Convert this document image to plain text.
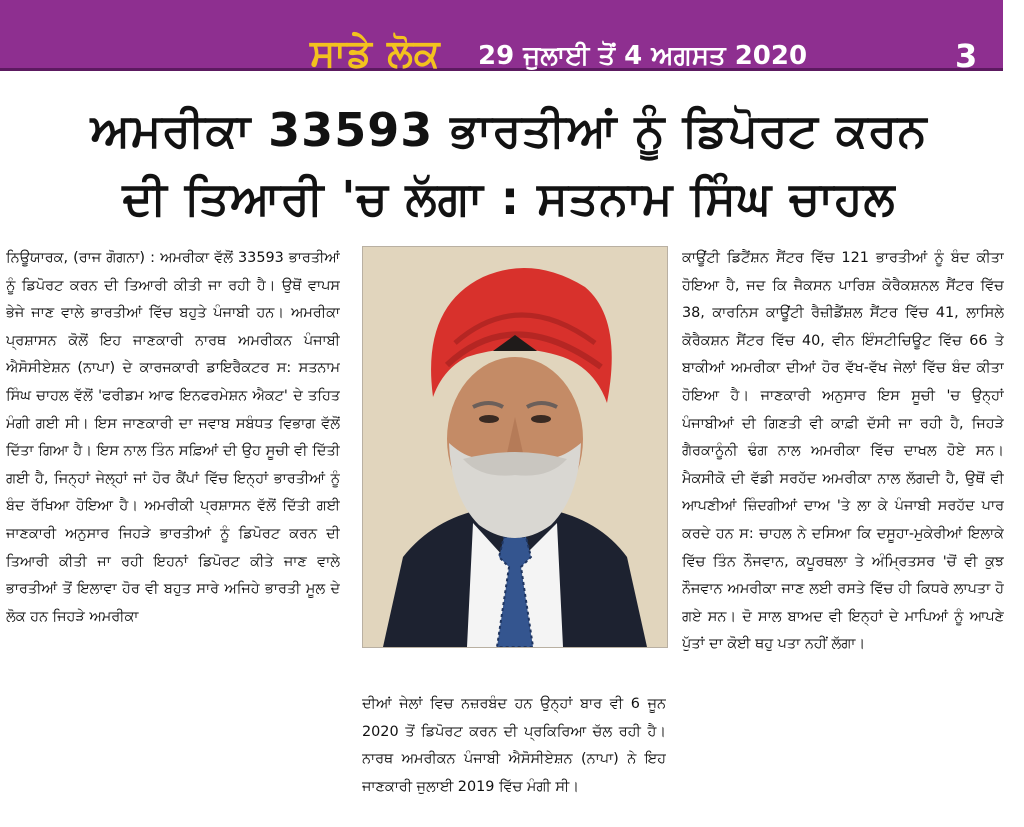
ਸਾਡੇ ਲੋਕ 29 ਜੁਲਾਈ ਤੋਂ 4 ਅਗਸਤ 2020	3
ਅਮਰੀਕਾ 33593 ਭਾਰਤੀਆਂ ਨੂੰ ਡਿਪੋਰਟ ਕਰਨ
ਦੀ ਤਿਆਰੀ 'ਚ ਲੱਗਾ : ਸਤਨਾਮ ਸਿੰਘ ਚਾਹਲ

ਨਿਊਯਾਰਕ, (ਰਾਜ ਗੋਗਨਾ) : ਅਮਰੀਕਾ ਵੱਲੋਂ 33593 ਭਾਰਤੀਆਂ ਨੂੰ ਡਿਪੋਰਟ ਕਰਨ ਦੀ ਤਿਆਰੀ ਕੀਤੀ ਜਾ ਰਹੀ ਹੈ। ਉਥੋਂ ਵਾਪਸ ਭੇਜੇ ਜਾਣ ਵਾਲੇ ਭਾਰਤੀਆਂ ਵਿੱਚ ਬਹੁਤੇ ਪੰਜਾਬੀ ਹਨ। ਅਮਰੀਕਾ ਪ੍ਰਸ਼ਾਸਨ ਕੋਲੋਂ ਇਹ ਜਾਣਕਾਰੀ ਨਾਰਥ ਅਮਰੀਕਨ ਪੰਜਾਬੀ ਐਸੋਸੀਏਸ਼ਨ (ਨਾਪਾ) ਦੇ ਕਾਰਜਕਾਰੀ ਡਾਇਰੈਕਟਰ ਸ: ਸਤਨਾਮ ਸਿੰਘ ਚਾਹਲ ਵੱਲੋਂ 'ਫਰੀਡਮ ਆਫ ਇਨਫਰਮੇਸ਼ਨ ਐਕਟ' ਦੇ ਤਹਿਤ ਮੰਗੀ ਗਈ ਸੀ। ਇਸ ਜਾਣਕਾਰੀ ਦਾ ਜਵਾਬ ਸਬੰਧਤ ਵਿਭਾਗ ਵੱਲੋਂ ਦਿੱਤਾ ਗਿਆ ਹੈ। ਇਸ ਨਾਲ ਤਿੰਨ ਸਫ਼ਿਆਂ ਦੀ ਉਹ ਸੂਚੀ ਵੀ ਦਿੱਤੀ ਗਈ ਹੈ, ਜਿਨ੍ਹਾਂ ਜੇਲ੍ਹਾਂ ਜਾਂ ਹੋਰ ਕੈਂਪਾਂ ਵਿੱਚ ਇਨ੍ਹਾਂ ਭਾਰਤੀਆਂ ਨੂੰ ਬੰਦ ਰੱਖਿਆ ਹੋਇਆ ਹੈ। ਅਮਰੀਕੀ ਪ੍ਰਸ਼ਾਸਨ ਵੱਲੋਂ ਦਿੱਤੀ ਗਈ ਜਾਣਕਾਰੀ ਅਨੁਸਾਰ ਜਿਹੜੇ ਭਾਰਤੀਆਂ ਨੂੰ ਡਿਪੋਰਟ ਕਰਨ ਦੀ ਤਿਆਰੀ ਕੀਤੀ ਜਾ ਰਹੀ ਇਹਨਾਂ ਡਿਪੋਰਟ ਕੀਤੇ ਜਾਣ ਵਾਲੇ ਭਾਰਤੀਆਂ ਤੋਂ ਇਲਾਵਾ ਹੋਰ ਵੀ ਬਹੁਤ ਸਾਰੇ ਅਜਿਹੇ ਭਾਰਤੀ ਮੂਲ ਦੇ ਲੋਕ ਹਨ ਜਿਹੜੇ ਅਮਰੀਕਾ

ਦੀਆਂ ਜੇਲਾਂ ਵਿਚ ਨਜ਼ਰਬੰਦ ਹਨ ਉਨ੍ਹਾਂ ਬਾਰ ਵੀ 6 ਜੂਨ 2020 ਤੋਂ ਡਿਪੋਰਟ ਕਰਨ ਦੀ ਪ੍ਰਕਿਰਿਆ ਚੱਲ ਰਹੀ ਹੈ। ਨਾਰਥ ਅਮਰੀਕਨ ਪੰਜਾਬੀ ਐਸੋਸੀਏਸ਼ਨ (ਨਾਪਾ) ਨੇ ਇਹ ਜਾਣਕਾਰੀ ਜੁਲਾਈ 2019 ਵਿੱਚ ਮੰਗੀ ਸੀ।

ਕਾਊਂਟੀ ਡਿਟੈਂਸ਼ਨ ਸੈਂਟਰ ਵਿੱਚ 121 ਭਾਰਤੀਆਂ ਨੂੰ ਬੰਦ ਕੀਤਾ ਹੋਇਆ ਹੈ, ਜਦ ਕਿ ਜੈਕਸਨ ਪਾਰਿਸ਼ ਕੋਰੈਕਸ਼ਨਲ ਸੈਂਟਰ ਵਿੱਚ 38, ਕਾਰਨਿਸ ਕਾਊਂਟੀ ਰੈਜ਼ੀਡੈਂਸ਼ਲ ਸੈਂਟਰ ਵਿੱਚ 41, ਲਾਸਿਲੇ ਕੋਰੈਕਸ਼ਨ ਸੈਂਟਰ ਵਿੱਚ 40, ਵੀਨ ਇੰਸਟੀਚਿਊਟ ਵਿੱਚ 66 ਤੇ ਬਾਕੀਆਂ ਅਮਰੀਕਾ ਦੀਆਂ ਹੋਰ ਵੱਖ-ਵੱਖ ਜੇਲਾਂ ਵਿੱਚ ਬੰਦ ਕੀਤਾ ਹੋਇਆ ਹੈ। ਜਾਣਕਾਰੀ ਅਨੁਸਾਰ ਇਸ ਸੂਚੀ 'ਚ ਉਨ੍ਹਾਂ ਪੰਜਾਬੀਆਂ ਦੀ ਗਿਣਤੀ ਵੀ ਕਾਫ਼ੀ ਦੱਸੀ ਜਾ ਰਹੀ ਹੈ, ਜਿਹੜੇ ਗੈਰਕਾਨੂੰਨੀ ਢੰਗ ਨਾਲ ਅਮਰੀਕਾ ਵਿੱਚ ਦਾਖਲ ਹੋਏ ਸਨ। ਮੈਕਸੀਕੋ ਦੀ ਵੱਡੀ ਸਰਹੱਦ ਅਮਰੀਕਾ ਨਾਲ ਲੱਗਦੀ ਹੈ, ਉਥੋਂ ਵੀ ਆਪਣੀਆਂ ਜ਼ਿੰਦਗੀਆਂ ਦਾਅ 'ਤੇ ਲਾ ਕੇ ਪੰਜਾਬੀ ਸਰਹੱਦ ਪਾਰ ਕਰਦੇ ਹਨ ਸ: ਚਾਹਲ ਨੇ ਦਸਿਆ ਕਿ ਦਸੂਹਾ-ਮੁਕੇਰੀਆਂ ਇਲਾਕੇ ਵਿੱਚ ਤਿੰਨ ਨੌਜਵਾਨ, ਕਪੂਰਥਲਾ ਤੇ ਅੰਮ੍ਰਿਤਸਰ 'ਚੋਂ ਵੀ ਕੁਝ ਨੌਜਵਾਨ ਅਮਰੀਕਾ ਜਾਣ ਲਈ ਰਸਤੇ ਵਿੱਚ ਹੀ ਕਿਧਰੇ ਲਾਪਤਾ ਹੋ ਗਏ ਸਨ। ਦੋ ਸਾਲ ਬਾਅਦ ਵੀ ਇਨ੍ਹਾਂ ਦੇ ਮਾਪਿਆਂ ਨੂੰ ਆਪਣੇ ਪੁੱਤਾਂ ਦਾ ਕੋਈ ਥਹੁ ਪਤਾ ਨਹੀਂ ਲੱਗਾ।
